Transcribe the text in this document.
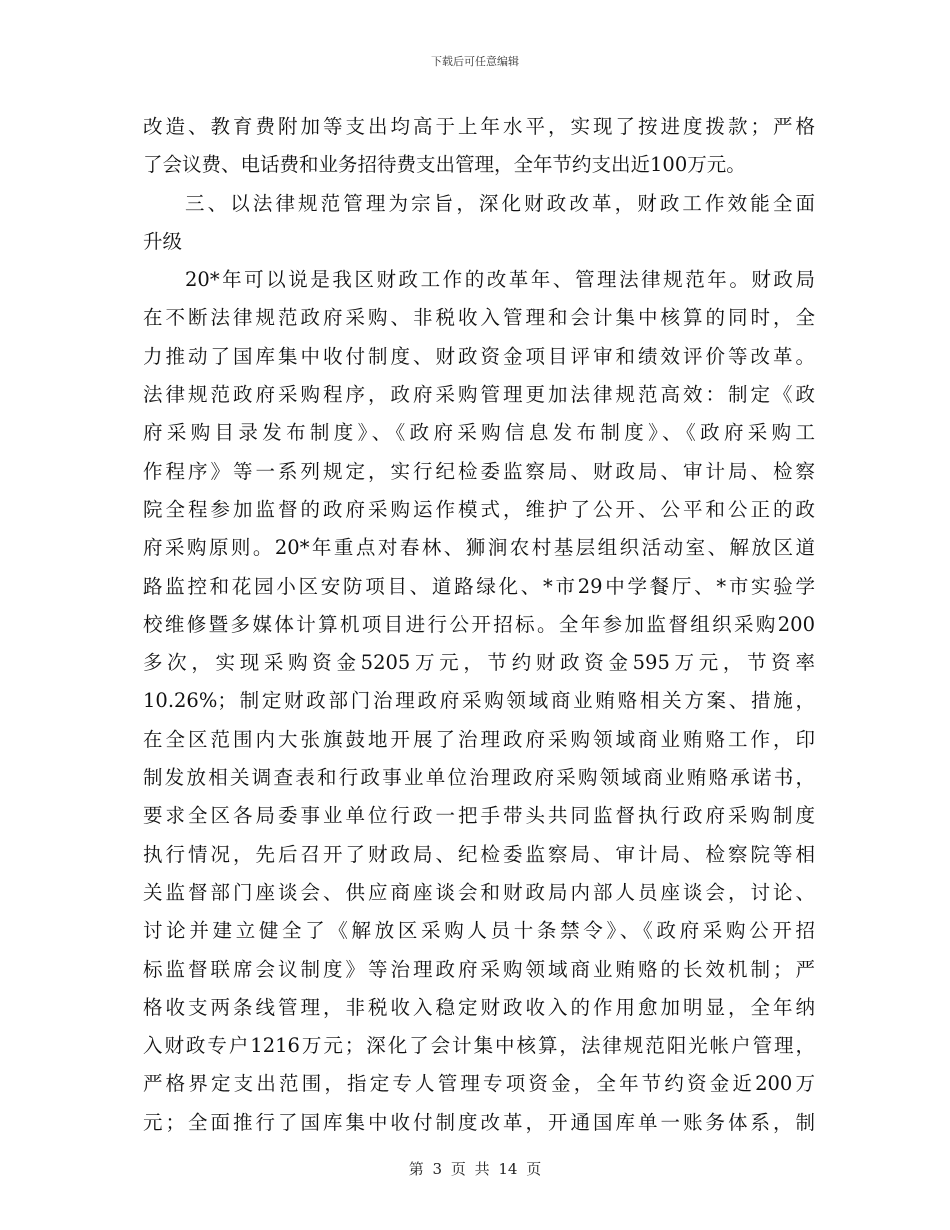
下载后可任意编辑
改造、教育费附加等支出均高于上年水平，实现了按进度拨款；严格
了会议费、电话费和业务招待费支出管理，全年节约支出近100万元。
三、以法律规范管理为宗旨，深化财政改革，财政工作效能全面
升级
20*年可以说是我区财政工作的改革年、管理法律规范年。财政局
在不断法律规范政府采购、非税收入管理和会计集中核算的同时，全
力推动了国库集中收付制度、财政资金项目评审和绩效评价等改革。
法律规范政府采购程序，政府采购管理更加法律规范高效：制定《政
府采购目录发布制度》、《政府采购信息发布制度》、《政府采购工
作程序》等一系列规定，实行纪检委监察局、财政局、审计局、检察
院全程参加监督的政府采购运作模式，维护了公开、公平和公正的政
府采购原则。20*年重点对春林、狮涧农村基层组织活动室、解放区道
路监控和花园小区安防项目、道路绿化、*市29中学餐厅、*市实验学
校维修暨多媒体计算机项目进行公开招标。全年参加监督组织采购200
多次，实现采购资金5205万元，节约财政资金595万元，节资率
10.26%；制定财政部门治理政府采购领域商业贿赂相关方案、措施，
在全区范围内大张旗鼓地开展了治理政府采购领域商业贿赂工作，印
制发放相关调查表和行政事业单位治理政府采购领域商业贿赂承诺书，
要求全区各局委事业单位行政一把手带头共同监督执行政府采购制度
执行情况，先后召开了财政局、纪检委监察局、审计局、检察院等相
关监督部门座谈会、供应商座谈会和财政局内部人员座谈会，讨论、
讨论并建立健全了《解放区采购人员十条禁令》、《政府采购公开招
标监督联席会议制度》等治理政府采购领域商业贿赂的长效机制；严
格收支两条线管理，非税收入稳定财政收入的作用愈加明显，全年纳
入财政专户1216万元；深化了会计集中核算，法律规范阳光帐户管理，
严格界定支出范围，指定专人管理专项资金，全年节约资金近200万
元；全面推行了国库集中收付制度改革，开通国库单一账务体系，制
第 3 页 共 14 页
